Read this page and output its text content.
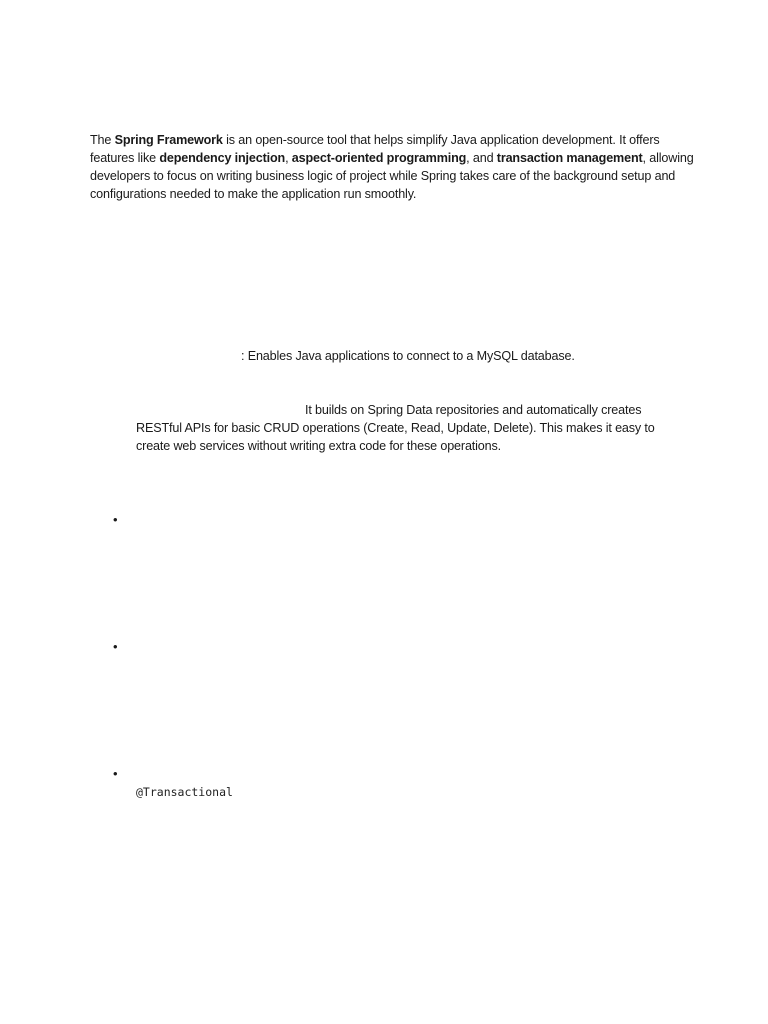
The Spring Framework is an open-source tool that helps simplify Java application development. It offers features like dependency injection, aspect-oriented programming, and transaction management, allowing developers to focus on writing business logic of project while Spring takes care of the background setup and configurations needed to make the application run smoothly.
: Enables Java applications to connect to a MySQL database.
It builds on Spring Data repositories and automatically creates
RESTful APIs for basic CRUD operations (Create, Read, Update, Delete). This makes it easy to create web services without writing extra code for these operations.
•
•
•
@Transactional
